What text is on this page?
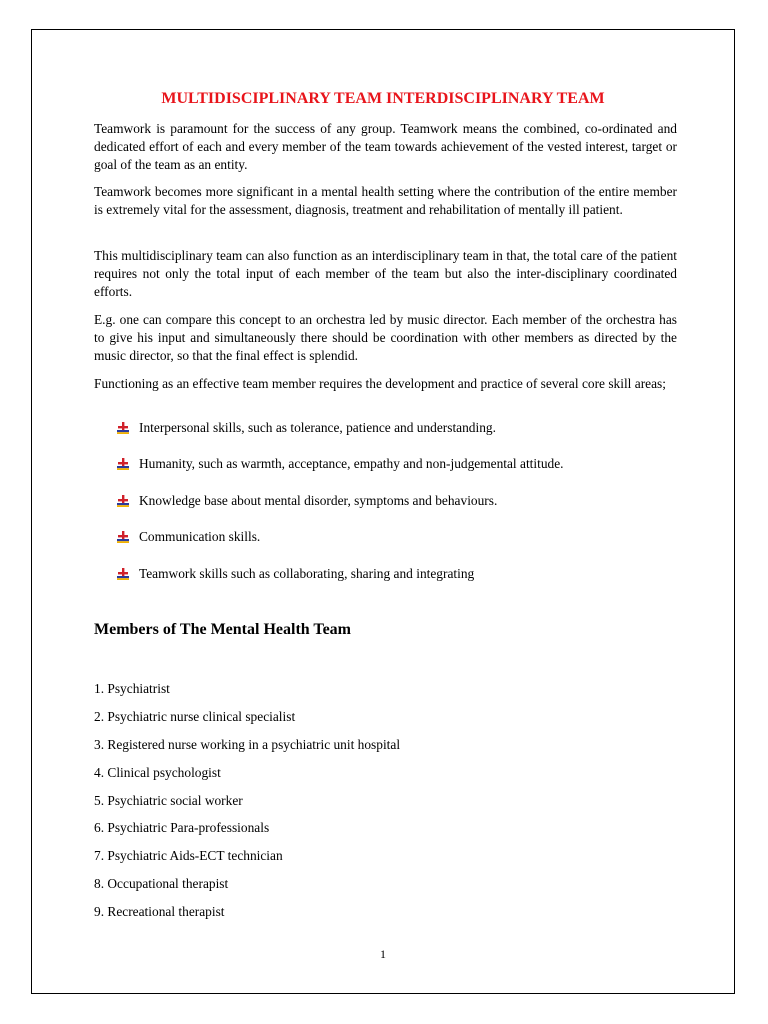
MULTIDISCIPLINARY TEAM INTERDISCIPLINARY TEAM

Teamwork is paramount for the success of any group. Teamwork means the combined, co-ordinated and dedicated effort of each and every member of the team towards achievement of the vested interest, target or goal of the team as an entity.

Teamwork becomes more significant in a mental health setting where the contribution of the entire member is extremely vital for the assessment, diagnosis, treatment and rehabilitation of mentally ill patient.

This multidisciplinary team can also function as an interdisciplinary team in that, the total care of the patient requires not only the total input of each member of the team but also the inter-disciplinary coordinated efforts.

E.g. one can compare this concept to an orchestra led by music director. Each member of the orchestra has to give his input and simultaneously there should be coordination with other members as directed by the music director, so that the final effect is splendid.

Functioning as an effective team member requires the development and practice of several core skill areas;

Interpersonal skills, such as tolerance, patience and understanding.
Humanity, such as warmth, acceptance, empathy and non-judgemental attitude.
Knowledge base about mental disorder, symptoms and behaviours.
Communication skills.
Teamwork skills such as collaborating, sharing and integrating
Members of The Mental Health Team
1. Psychiatrist
2. Psychiatric nurse clinical specialist
3. Registered nurse working in a psychiatric unit hospital
4. Clinical psychologist
5. Psychiatric social worker
6. Psychiatric Para-professionals
7. Psychiatric Aids-ECT technician
8. Occupational therapist
9. Recreational therapist

1
